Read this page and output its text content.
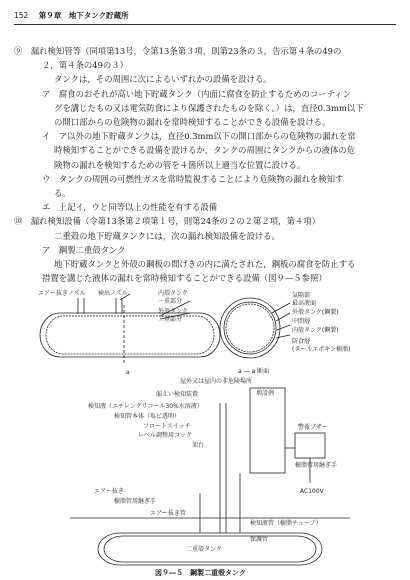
152 第９章　地下タンク貯蔵所

⑨　漏れ検知管等（同項第13号，令第13条第３項，則第23条の３，告示第４条の49の

２，第４条の49の３）

タンクは，その周囲に次によるいずれかの設備を設ける。

ア　腐食のおそれが高い地下貯蔵タンク（内面に腐食を防止するためのコーティン

グを講じたもの又は電気防食により保護されたものを除く。）は，直径0.3mm以下

の開口部からの危険物の漏れを常時検知することができる設備を設ける。

イ　ア以外の地下貯蔵タンクは，直径0.3mm以下の開口部からの危険物の漏れを常

時検知することができる設備を設けるか，タンクの周囲にタンクからの液体の危

険物の漏れを検知するための管を４箇所以上適当な位置に設ける。

ウ　タンクの周囲の可燃性ガスを常時監視することにより危険物の漏れを検知す

る。

エ　上記イ，ウと同等以上の性能を有する設備

⑩　漏れ検知設備（令第13条第２項第１号，則第24条の２の２第２項，第４項）

二重殻の地下貯蔵タンクには，次の漏れ検知設備を設ける。

ア　鋼製二重殻タンク

地下貯蔵タンクと外殻の鋼板の間げきの内に満たされた，鋼板の腐食を防止する

措置を講じた液体の漏れを常時検知することができる設備（図９―５参照）

エアー抜きノズル 検出ノズル	内殻タンク
一重部分
外殻タンク
二重部分
a
気隔部
最高液面
外殻タンク(鋼製)
中間層
内殻タンク(鋼製)
防食層
(タールエポキシ樹脂)
a ― a 断面
屋外又は屋内の非危険場所
増設例
漏えい検知装置
検知液（エチレングリコール30%水溶液）
検知管本体（塩ビ透明）
フロートスイッチ
レベル調整用コック
架台
警報ブザー
樹脂管用継ぎ手
AC100V
エアー抜き
樹脂管用継ぎ手
検知液管（樹脂チューブ）
エアー抜き管
保護管
二重殻タンク
図９―５　鋼製二重殻タンク
